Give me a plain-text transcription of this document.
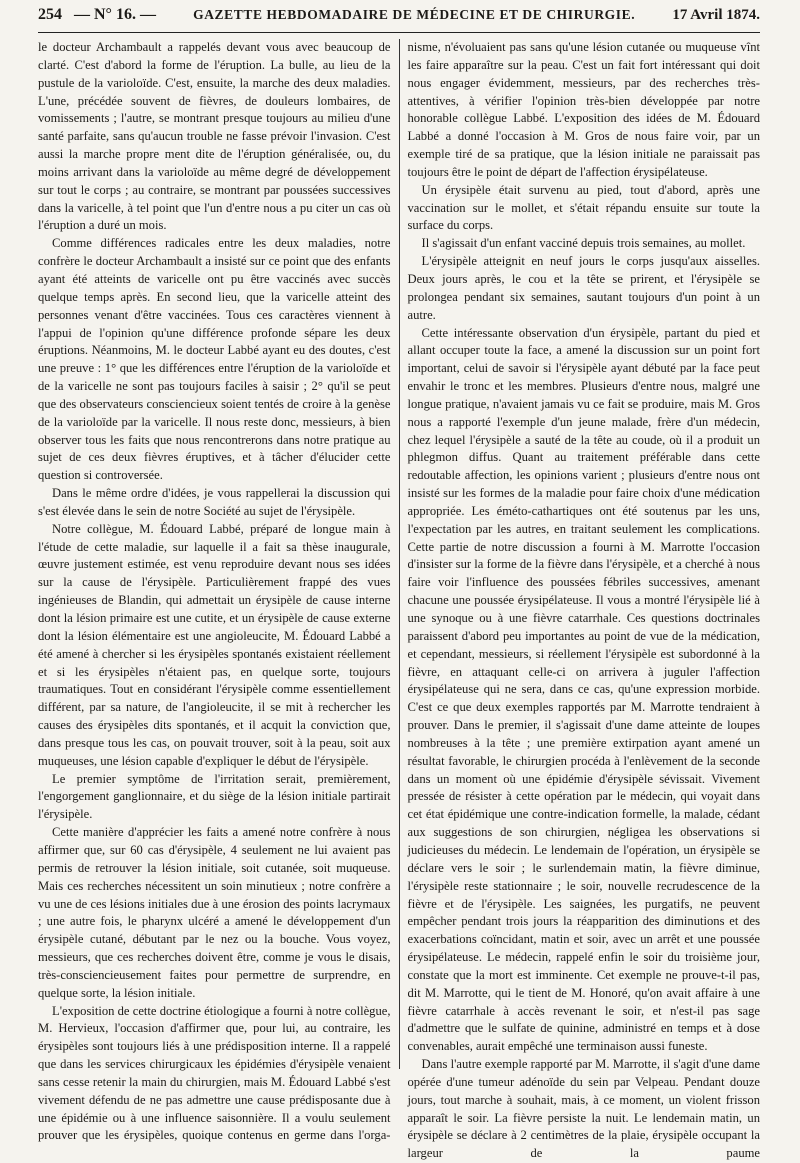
254 — N° 16. —	GAZETTE HEBDOMADAIRE DE MÉDECINE ET DE CHIRURGIE. 17 Avril 1874.

le docteur Archambault a rappelés devant vous avec beaucoup de clarté. C'est d'abord la forme de l'éruption. La bulle, au lieu de la pustule de la varioloïde. C'est, ensuite, la marche des deux maladies. L'une, précédée souvent de fièvres, de douleurs lombaires, de vomissements ; l'autre, se montrant presque toujours au milieu d'une santé parfaite, sans qu'aucun trouble ne fasse prévoir l'invasion. C'est aussi la marche propre ment dite de l'éruption généralisée, ou, du moins arrivant dans la varioloïde au même degré de développement sur tout le corps ; au contraire, se montrant par poussées successives dans la varicelle, à tel point que l'un d'entre nous a pu citer un cas où l'éruption a duré un mois.

Comme différences radicales entre les deux maladies, notre confrère le docteur Archambault a insisté sur ce point que des enfants ayant été atteints de varicelle ont pu être vaccinés avec succès quelque temps après. En second lieu, que la varicelle atteint des personnes venant d'être vaccinées. Tous ces caractères viennent à l'appui de l'opinion qu'une différence profonde sépare les deux éruptions. Néanmoins, M. le docteur Labbé ayant eu des doutes, c'est une preuve : 1° que les différences entre l'éruption de la varioloïde et de la varicelle ne sont pas toujours faciles à saisir ; 2° qu'il se peut que des observateurs consciencieux soient tentés de croire à la genèse de la varioloïde par la varicelle. Il nous reste donc, messieurs, à bien observer tous les faits que nous rencontrerons dans notre pratique au sujet de ces deux fièvres éruptives, et à tâcher d'élucider cette question si controversée.

Dans le même ordre d'idées, je vous rappellerai la discussion qui s'est élevée dans le sein de notre Société au sujet de l'érysipèle.

Notre collègue, M. Édouard Labbé, préparé de longue main à l'étude de cette maladie, sur laquelle il a fait sa thèse inaugurale, œuvre justement estimée, est venu reproduire devant nous ses idées sur la cause de l'érysipèle. Particulièrement frappé des vues ingénieuses de Blandin, qui admettait un érysipèle de cause interne dont la lésion primaire est une cutite, et un érysipèle de cause externe dont la lésion élémentaire est une angioleucite, M. Édouard Labbé a été amené à chercher si les érysipèles spontanés existaient réellement et si les érysipèles n'étaient pas, en quelque sorte, toujours traumatiques. Tout en considérant l'érysipèle comme essentiellement différent, par sa nature, de l'angioleucite, il se mit à rechercher les causes des érysipèles dits spontanés, et il acquit la conviction que, dans presque tous les cas, on pouvait trouver, soit à la peau, soit aux muqueuses, une lésion capable d'expliquer le début de l'érysipèle.

Le premier symptôme de l'irritation serait, premièrement, l'engorgement ganglionnaire, et du siège de la lésion initiale partirait l'érysipèle.

Cette manière d'apprécier les faits a amené notre confrère à nous affirmer que, sur 60 cas d'érysipèle, 4 seulement ne lui avaient pas permis de retrouver la lésion initiale, soit cutanée, soit muqueuse. Mais ces recherches nécessitent un soin minutieux ; notre confrère a vu une de ces lésions initiales due à une érosion des points lacrymaux ; une autre fois, le pharynx ulcéré a amené le développement d'un érysipèle cutané, débutant par le nez ou la bouche. Vous voyez, messieurs, que ces recherches doivent être, comme je vous le disais, très-consciencieusement faites pour permettre de surprendre, en quelque sorte, la lésion initiale.

L'exposition de cette doctrine étiologique a fourni à notre collègue, M. Hervieux, l'occasion d'affirmer que, pour lui, au contraire, les érysipèles sont toujours liés à une prédisposition interne. Il a rappelé que dans les services chirurgicaux les épidémies d'érysipèle venaient sans cesse retenir la main du chirurgien, mais M. Édouard Labbé s'est vivement défendu de ne pas admettre une cause prédisposante due à une épidémie ou à une influence saisonnière. Il a voulu seulement prouver que les érysipèles, quoique contenus en germe dans l'orga-

nisme, n'évoluaient pas sans qu'une lésion cutanée ou muqueuse vînt les faire apparaître sur la peau. C'est un fait fort intéressant qui doit nous engager évidemment, messieurs, par des recherches très-attentives, à vérifier l'opinion très-bien développée par notre honorable collègue Labbé. L'exposition des idées de M. Édouard Labbé a donné l'occasion à M. Gros de nous faire voir, par un exemple tiré de sa pratique, que la lésion initiale ne paraissait pas toujours être le point de départ de l'affection érysipélateuse.

Un érysipèle était survenu au pied, tout d'abord, après une vaccination sur le mollet, et s'était répandu ensuite sur toute la surface du corps.

Il s'agissait d'un enfant vacciné depuis trois semaines, au mollet.

L'érysipèle atteignit en neuf jours le corps jusqu'aux aisselles. Deux jours après, le cou et la tête se prirent, et l'érysipèle se prolongea pendant six semaines, sautant toujours d'un point à un autre.

Cette intéressante observation d'un érysipèle, partant du pied et allant occuper toute la face, a amené la discussion sur un point fort important, celui de savoir si l'érysipèle ayant débuté par la face peut envahir le tronc et les membres. Plusieurs d'entre nous, malgré une longue pratique, n'avaient jamais vu ce fait se produire, mais M. Gros nous a rapporté l'exemple d'un jeune malade, frère d'un médecin, chez lequel l'érysipèle a sauté de la tête au coude, où il a produit un phlegmon diffus. Quant au traitement préférable dans cette redoutable affection, les opinions varient ; plusieurs d'entre nous ont insisté sur les formes de la maladie pour faire choix d'une médication appropriée. Les éméto-cathartiques ont été soutenus par les uns, l'expectation par les autres, en traitant seulement les complications. Cette partie de notre discussion a fourni à M. Marrotte l'occasion d'insister sur la forme de la fièvre dans l'érysipèle, et a cherché à nous faire voir l'influence des poussées fébriles successives, amenant chacune une poussée érysipélateuse. Il vous a montré l'érysipèle lié à une synoque ou à une fièvre catarrhale. Ces questions doctrinales paraissent d'abord peu importantes au point de vue de la médication, et cependant, messieurs, si réellement l'érysipèle est subordonné à la fièvre, en attaquant celle-ci on arrivera à juguler l'affection érysipélateuse qui ne sera, dans ce cas, qu'une expression morbide. C'est ce que deux exemples rapportés par M. Marrotte tendraient à prouver. Dans le premier, il s'agissait d'une dame atteinte de loupes nombreuses à la tête ; une première extirpation ayant amené un résultat favorable, le chirurgien procéda à l'enlèvement de la seconde dans un moment où une épidémie d'érysipèle sévissait. Vivement pressée de résister à cette opération par le médecin, qui voyait dans cet état épidémique une contre-indication formelle, la malade, cédant aux suggestions de son chirurgien, négligea les observations si judicieuses du médecin. Le lendemain de l'opération, un érysipèle se déclare vers le soir ; le surlendemain matin, la fièvre diminue, l'érysipèle reste stationnaire ; le soir, nouvelle recrudescence de la fièvre et de l'érysipèle. Les saignées, les purgatifs, ne peuvent empêcher pendant trois jours la réapparition des diminutions et des exacerbations coïncidant, matin et soir, avec un arrêt et une poussée érysipélateuse. Le médecin, rappelé enfin le soir du troisième jour, constate que la mort est imminente. Cet exemple ne prouve-t-il pas, dit M. Marrotte, qui le tient de M. Honoré, qu'on avait affaire à une fièvre catarrhale à accès revenant le soir, et n'est-il pas sage d'admettre que le sulfate de quinine, administré en temps et à dose convenables, aurait empêché une terminaison aussi funeste.

Dans l'autre exemple rapporté par M. Marrotte, il s'agit d'une dame opérée d'une tumeur adénoïde du sein par Velpeau. Pendant douze jours, tout marche à souhait, mais, à ce moment, un violent frisson apparaît le soir. La fièvre persiste la nuit. Le lendemain matin, un érysipèle se déclare à 2 centimètres de la plaie, érysipèle occupant la largeur de la paume
